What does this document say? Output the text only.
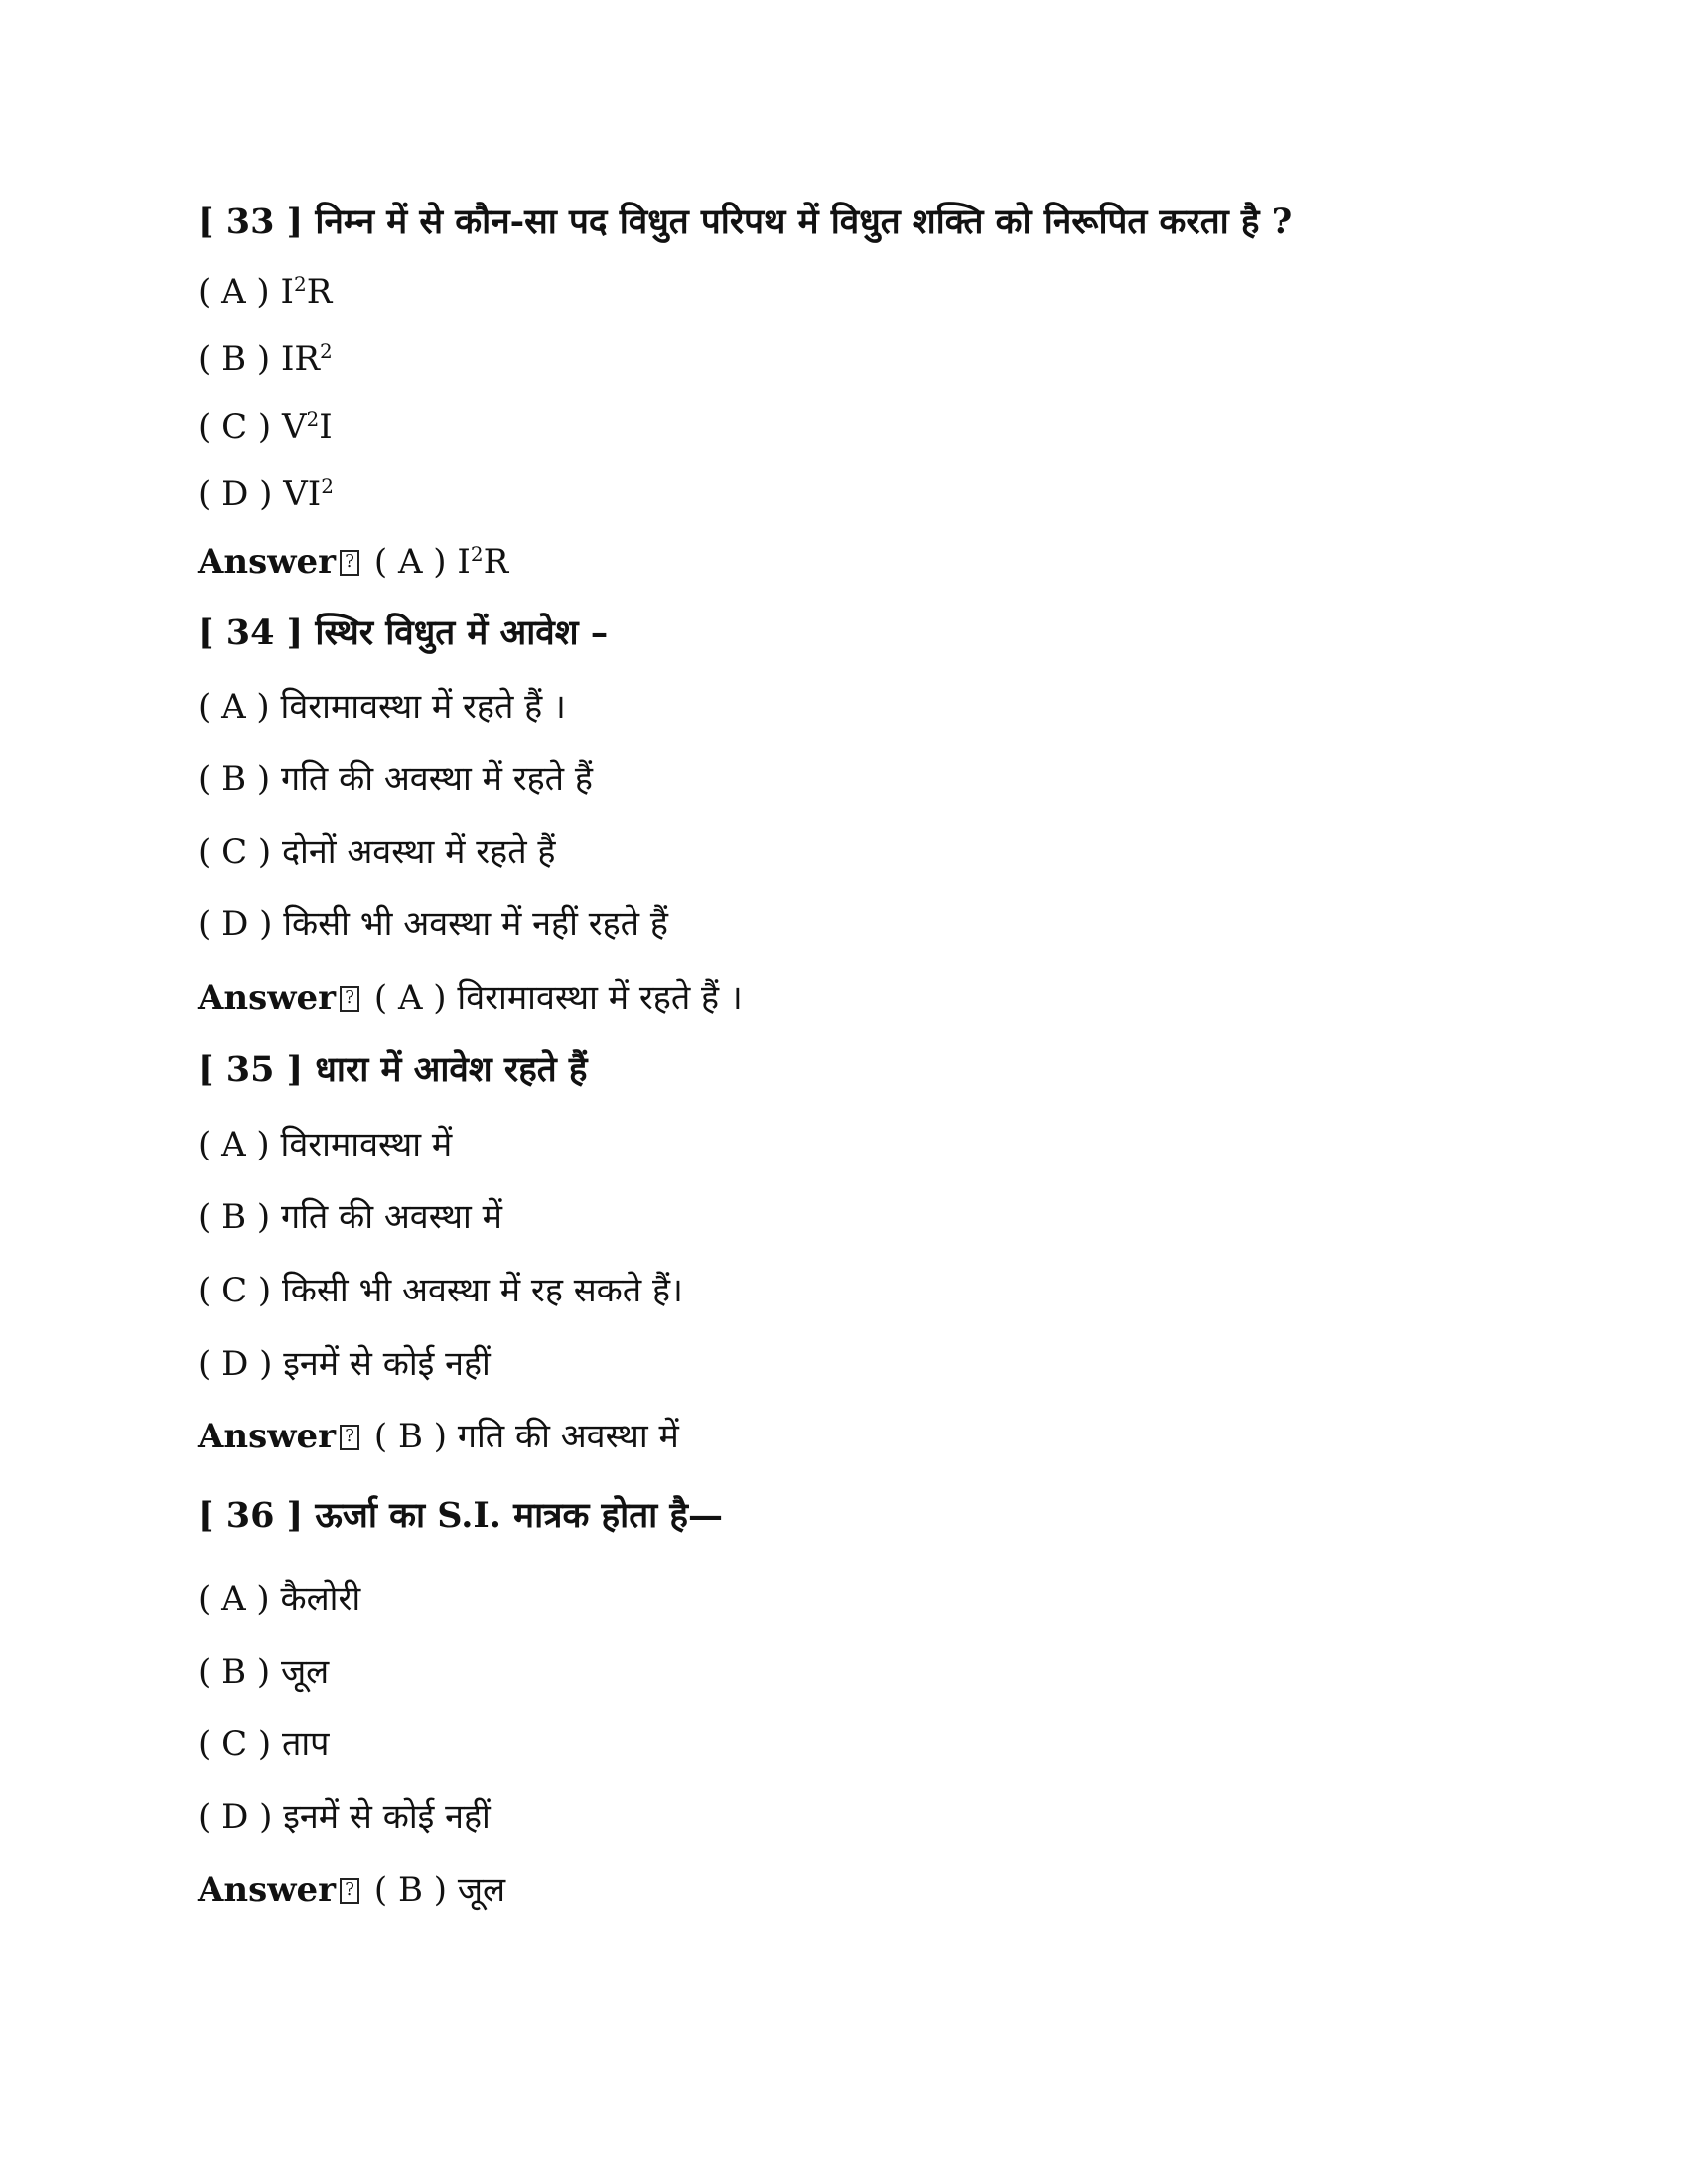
[ 33 ] निम्न में से कौन-सा पद विधुत परिपथ में विधुत शक्ति को निरूपित करता है ?
( A ) $I^2R$
( B ) $IR^2$
( C ) $V^2I$
( D ) $VI^2$
Answer ? ( A ) $I^2R$
[ 34 ] स्थिर विधुत में आवेश –
( A ) विरामावस्था में रहते हैं ।
( B ) गति की अवस्था में रहते हैं
( C ) दोनों अवस्था में रहते हैं
( D ) किसी भी अवस्था में नहीं रहते हैं
Answer ? ( A ) विरामावस्था में रहते हैं ।
[ 35 ] धारा में आवेश रहते हैं
( A ) विरामावस्था में
( B ) गति की अवस्था में
( C ) किसी भी अवस्था में रह सकते हैं।
( D ) इनमें से कोई नहीं
Answer ? ( B ) गति की अवस्था में
[ 36 ] ऊर्जा का S.I. मात्रक होता है—
( A ) कैलोरी
( B ) जूल
( C ) ताप
( D ) इनमें से कोई नहीं
Answer ? ( B ) जूल
